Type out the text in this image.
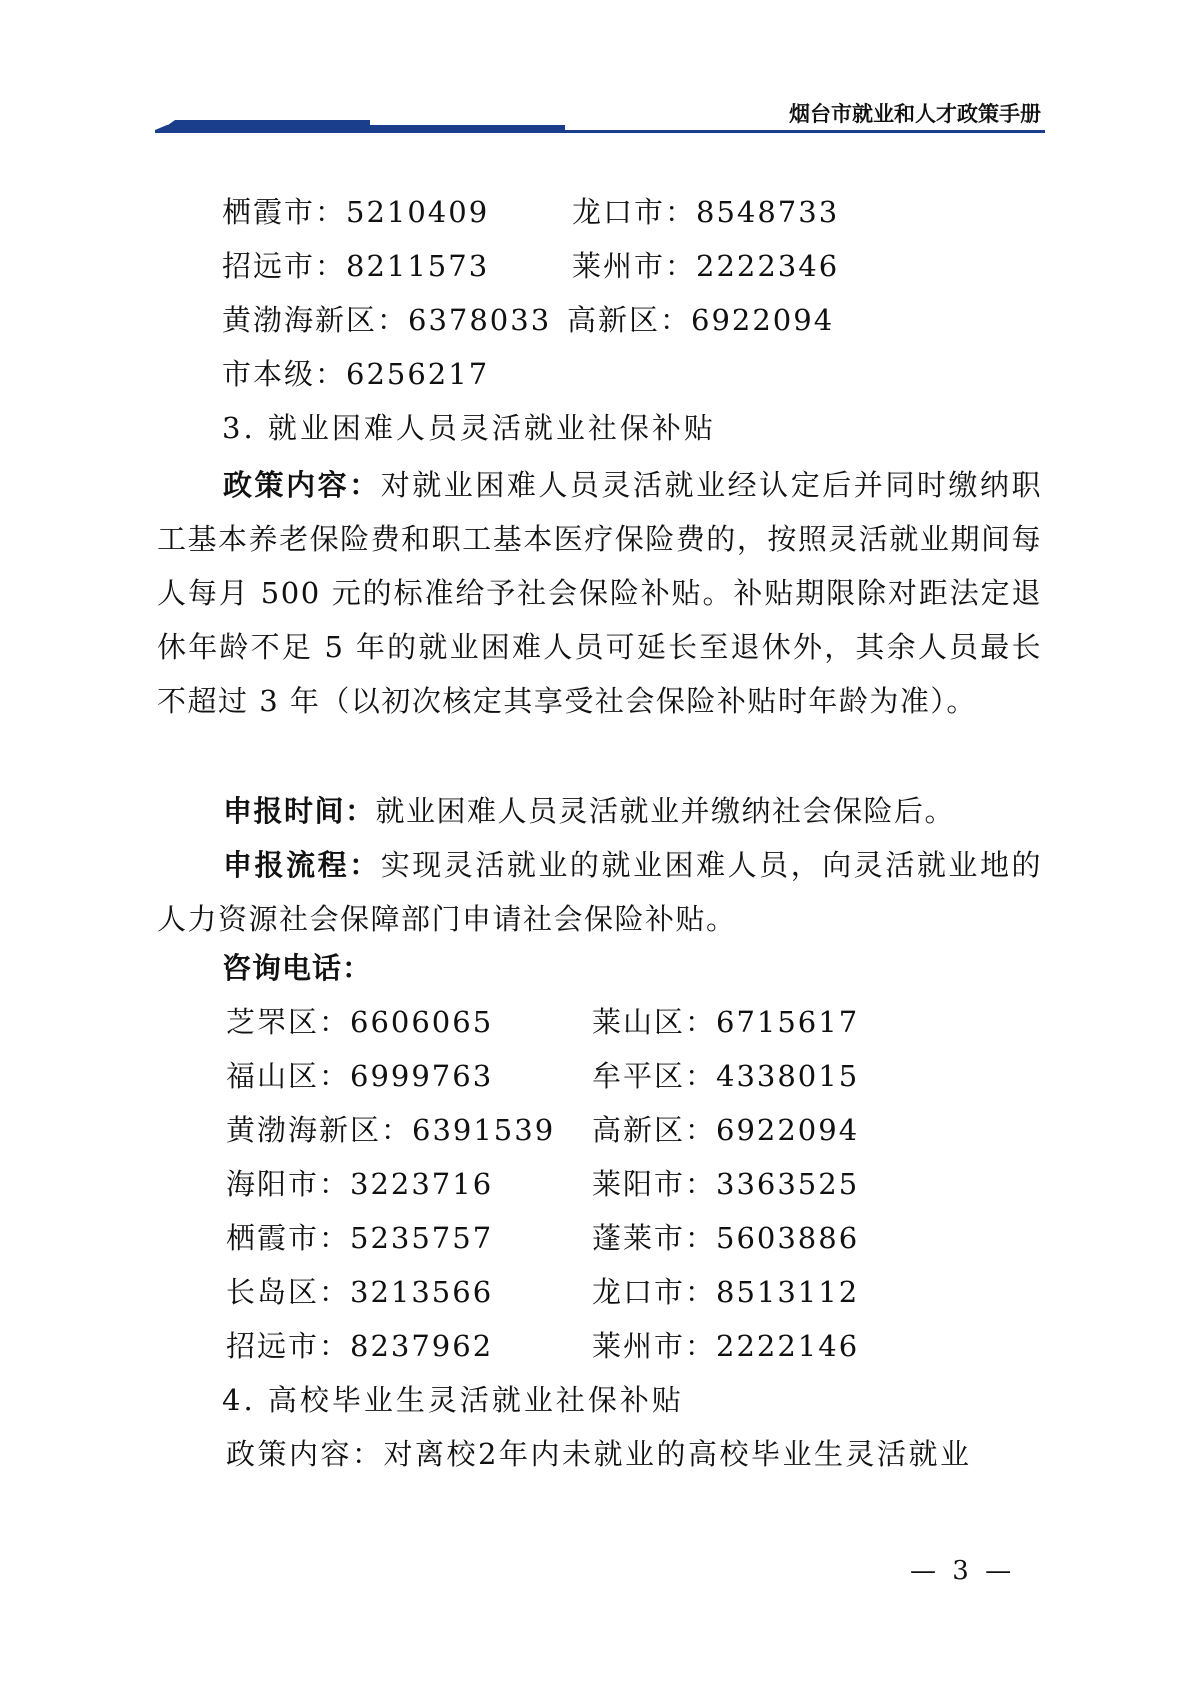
烟台市就业和人才政策手册
栖霞市：5210409	龙口市：8548733
招远市：8211573	莱州市：2222346
黄渤海新区：6378033 高新区：6922094
市本级：6256217
3. 就业困难人员灵活就业社保补贴
政策内容：对就业困难人员灵活就业经认定后并同时缴纳职工基本养老保险费和职工基本医疗保险费的，按照灵活就业期间每人每月 500 元的标准给予社会保险补贴。补贴期限除对距法定退休年龄不足 5 年的就业困难人员可延长至退休外，其余人员最长不超过 3 年（以初次核定其享受社会保险补贴时年龄为准）。
申报时间：就业困难人员灵活就业并缴纳社会保险后。
申报流程：实现灵活就业的就业困难人员，向灵活就业地的人力资源社会保障部门申请社会保险补贴。
咨询电话：
芝罘区：6606065	莱山区：6715617
福山区：6999763	牟平区：4338015
黄渤海新区：6391539 高新区：6922094
海阳市：3223716	莱阳市：3363525
栖霞市：5235757	蓬莱市：5603886
长岛区：3213566	龙口市：8513112
招远市：8237962	莱州市：2222146
4. 高校毕业生灵活就业社保补贴
政策内容：对离校2年内未就业的高校毕业生灵活就业
— 3 —
